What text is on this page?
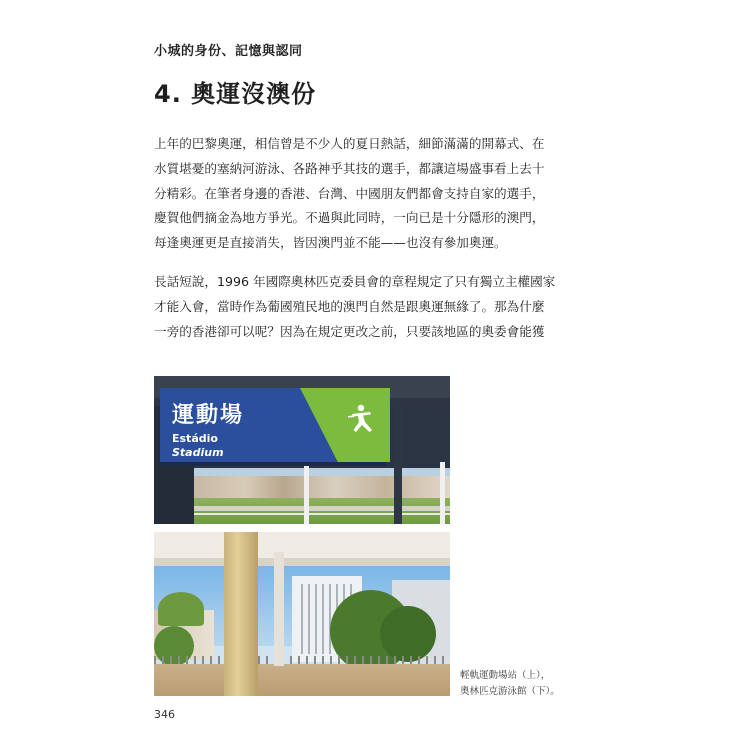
小城的身份、記憶與認同
4. 奧運沒澳份
上年的巴黎奧運，相信曾是不少人的夏日熱話，細節滿滿的開幕式、在
水質堪憂的塞納河游泳、各路神乎其技的選手，都讓這場盛事看上去十
分精彩。在筆者身邊的香港、台灣、中國朋友們都會支持自家的選手，
慶賀他們摘金為地方爭光。不過與此同時，一向已是十分隱形的澳門，
每逢奧運更是直接消失，皆因澳門並不能——也沒有參加奧運。
長話短說，1996 年國際奧林匹克委員會的章程規定了只有獨立主權國家
才能入會，當時作為葡國殖民地的澳門自然是跟奧運無緣了。那為什麼
一旁的香港卻可以呢？因為在規定更改之前，只要該地區的奧委會能獲
運動場
Estádio
Stadium
輕軌運動場站（上），
奧林匹克游泳館（下）。
346
